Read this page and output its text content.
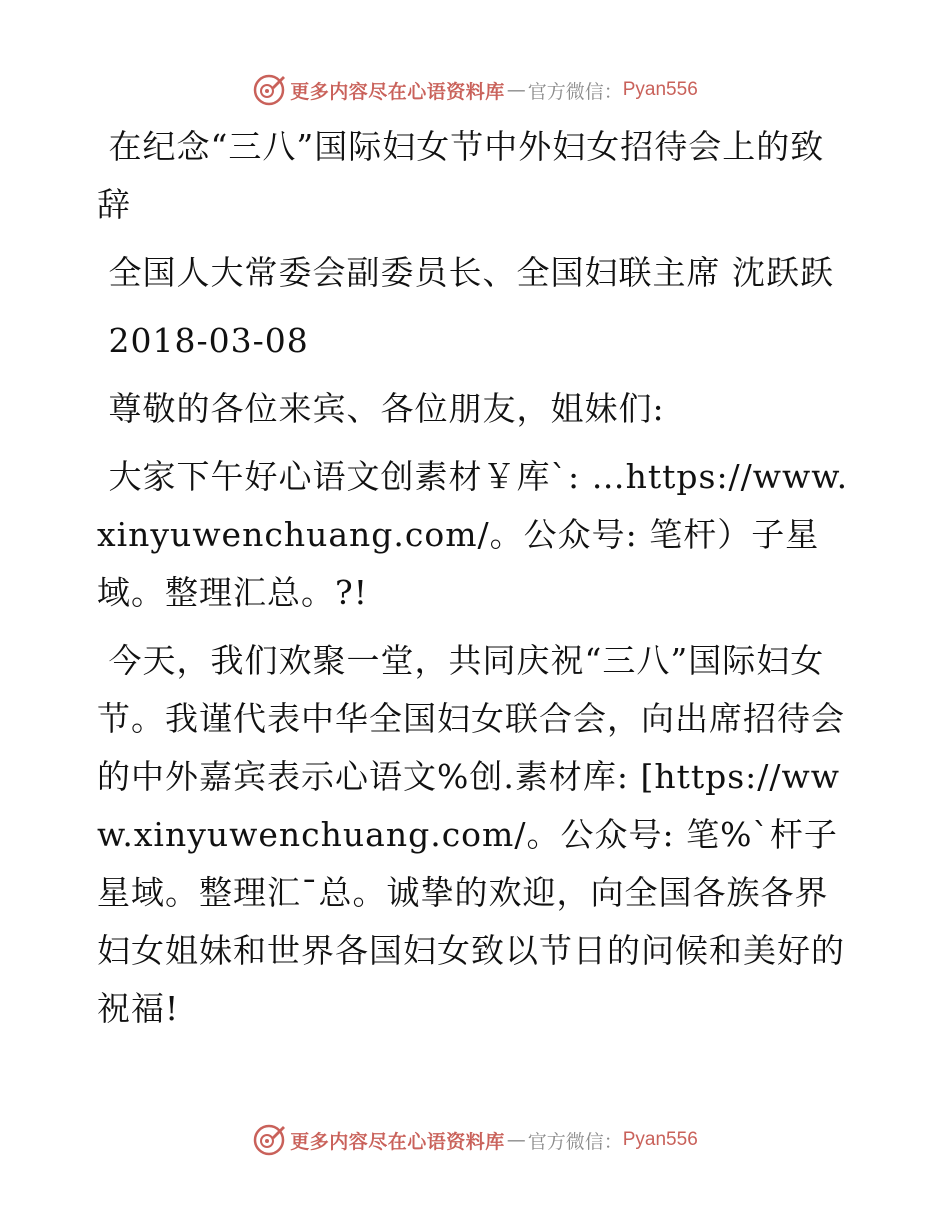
更多内容尽在心语资料库 — 官方微信： Pyan556

在纪念“三八”国际妇女节中外妇女招待会上的致辞

全国人大常委会副委员长、全国妇联主席 沈跃跃

2018-03-08

尊敬的各位来宾、各位朋友，姐妹们:

大家下午好心语文创素材￥库`: …https://www.xinyuwenchuang.com/。公众号: 笔杆）子星域。整理汇总。?!

今天，我们欢聚一堂，共同庆祝“三八”国际妇女节。我谨代表中华全国妇女联合会，向出席招待会的中外嘉宾表示心语文%创.素材库: [https://www.xinyuwenchuang.com/。公众号: 笔%`杆子星域。整理汇¯总。诚挚的欢迎，向全国各族各界妇女姐妹和世界各国妇女致以节日的问候和美好的祝福!

更多内容尽在心语资料库 — 官方微信： Pyan556
